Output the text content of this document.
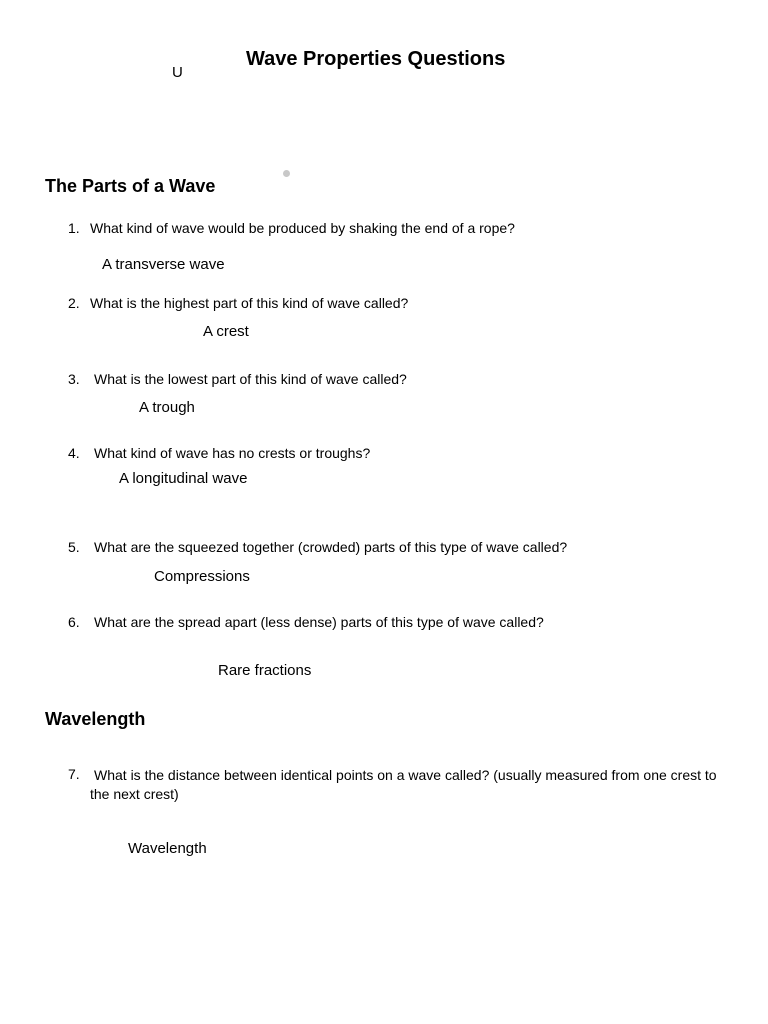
U
Wave Properties Questions
The Parts of a Wave
1. What kind of wave would be produced by shaking the end of a rope?
A transverse wave
2. What is the highest part of this kind of wave called?
A crest
3. What is the lowest part of this kind of wave called?
A trough
4. What kind of wave has no crests or troughs?
A longitudinal wave
5. What are the squeezed together (crowded) parts of this type of wave called?
Compressions
6. What are the spread apart (less dense) parts of this type of wave called?
Rare fractions
Wavelength
7. What is the distance between identical points on a wave called? (usually measured from one crest to the next crest)
Wavelength
